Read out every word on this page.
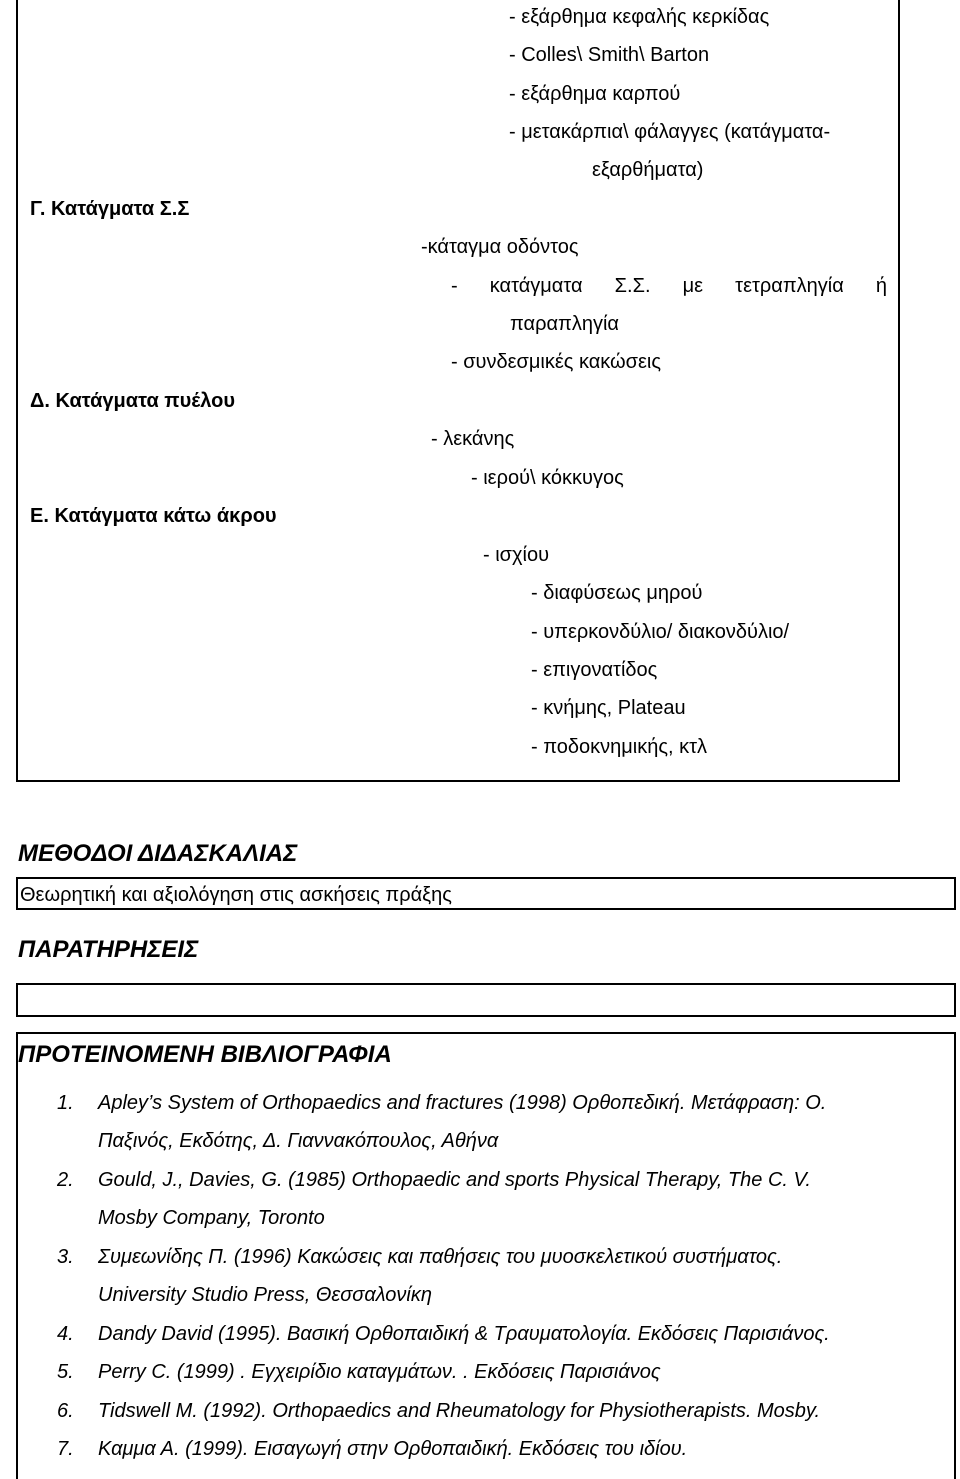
- εξάρθημα κεφαλής κερκίδας
- Colles\ Smith\ Barton
- εξάρθημα καρπού
- μετακάρπια\ φάλαγγες (κατάγματα-
εξαρθήματα)
Γ. Κατάγματα Σ.Σ
-κάταγμα οδόντος
- κατάγματα Σ.Σ. με τετραπληγία ή
παραπληγία
- συνδεσμικές κακώσεις
Δ. Κατάγματα πυέλου
- λεκάνης
- ιερού\ κόκκυγος
Ε. Κατάγματα κάτω άκρου
- ισχίου
- διαφύσεως μηρού
- υπερκονδύλιο/ διακονδύλιο/
- επιγονατίδος
- κνήμης, Plateau
- ποδοκνημικής, κτλ
ΜΕΘΟΔΟΙ ΔΙΔΑΣΚΑΛΙΑΣ
Θεωρητική και αξιολόγηση στις ασκήσεις πράξης
ΠΑΡΑΤΗΡΗΣΕΙΣ
ΠΡΟΤΕΙΝΟΜΕΝΗ ΒΙΒΛΙΟΓΡΑΦΙΑ
1. Apley’s System of Orthopaedics and fractures (1998) Ορθοπεδική. Μετάφραση: Ο.
Παξινός, Εκδότης, Δ. Γιαννακόπουλος, Αθήνα
2. Gould, J., Davies, G. (1985) Orthopaedic and sports Physical Therapy, The C. V.
Mosby Company, Toronto
3. Συμεωνίδης Π. (1996) Κακώσεις και παθήσεις του μυοσκελετικού συστήματος.
University Studio Press, Θεσσαλονίκη
4. Dandy David (1995). Βασική Ορθοπαιδική & Τραυματολογία. Εκδόσεις Παρισιάνος.
5. Perry C. (1999) . Εγχειρίδιο καταγμάτων. . Εκδόσεις Παρισιάνος
6. Tidswell M. (1992). Orthopaedics and Rheumatology for Physiotherapists. Mosby.
7. Καμμα Α. (1999). Εισαγωγή στην Ορθοπαιδική. Εκδόσεις του ιδίου.
